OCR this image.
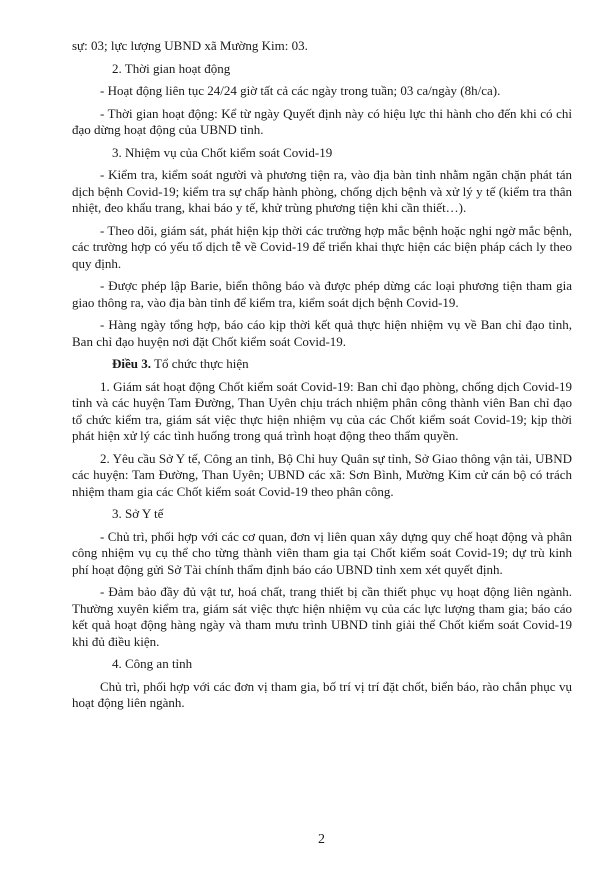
sự: 03; lực lượng UBND xã Mường Kim: 03.

2. Thời gian hoạt động

- Hoạt động liên tục 24/24 giờ tất cả các ngày trong tuần; 03 ca/ngày (8h/ca).

- Thời gian hoạt động: Kể từ ngày Quyết định này có hiệu lực thi hành cho đến khi có chỉ đạo dừng hoạt động của UBND tỉnh.

3. Nhiệm vụ của Chốt kiểm soát Covid-19

- Kiểm tra, kiểm soát người và phương tiện ra, vào địa bàn tỉnh nhằm ngăn chặn phát tán dịch bệnh Covid-19; kiểm tra sự chấp hành phòng, chống dịch bệnh và xử lý y tế (kiểm tra thân nhiệt, đeo khẩu trang, khai báo y tế, khử trùng phương tiện khi cần thiết…).

- Theo dõi, giám sát, phát hiện kịp thời các trường hợp mắc bệnh hoặc nghi ngờ mắc bệnh, các trường hợp có yếu tố dịch tễ về Covid-19 để triển khai thực hiện các biện pháp cách ly theo quy định.

- Được phép lập Barie, biển thông báo và được phép dừng các loại phương tiện tham gia giao thông ra, vào địa bàn tỉnh để kiểm tra, kiểm soát dịch bệnh Covid-19.

- Hàng ngày tổng hợp, báo cáo kịp thời kết quả thực hiện nhiệm vụ về Ban chỉ đạo tỉnh, Ban chỉ đạo huyện nơi đặt Chốt kiểm soát Covid-19.

Điều 3. Tổ chức thực hiện

1. Giám sát hoạt động Chốt kiểm soát Covid-19: Ban chỉ đạo phòng, chống dịch Covid-19 tỉnh và các huyện Tam Đường, Than Uyên chịu trách nhiệm phân công thành viên Ban chỉ đạo tổ chức kiểm tra, giám sát việc thực hiện nhiệm vụ của các Chốt kiểm soát Covid-19; kịp thời phát hiện xử lý các tình huống trong quá trình hoạt động theo thẩm quyền.

2. Yêu cầu Sở Y tế, Công an tỉnh, Bộ Chỉ huy Quân sự tỉnh, Sở Giao thông vận tải, UBND các huyện: Tam Đường, Than Uyên; UBND các xã: Sơn Bình, Mường Kim cử cán bộ có trách nhiệm tham gia các Chốt kiểm soát Covid-19 theo phân công.

3. Sở Y tế

- Chủ trì, phối hợp với các cơ quan, đơn vị liên quan xây dựng quy chế hoạt động và phân công nhiệm vụ cụ thể cho từng thành viên tham gia tại Chốt kiểm soát Covid-19; dự trù kinh phí hoạt động gửi Sở Tài chính thẩm định báo cáo UBND tỉnh xem xét quyết định.

- Đảm bảo đầy đủ vật tư, hoá chất, trang thiết bị cần thiết phục vụ hoạt động liên ngành. Thường xuyên kiểm tra, giám sát việc thực hiện nhiệm vụ của các lực lượng tham gia; báo cáo kết quả hoạt động hàng ngày và tham mưu trình UBND tỉnh giải thể Chốt kiểm soát Covid-19 khi đủ điều kiện.

4. Công an tỉnh

Chủ trì, phối hợp với các đơn vị tham gia, bố trí vị trí đặt chốt, biển báo, rào chắn phục vụ hoạt động liên ngành.

2
